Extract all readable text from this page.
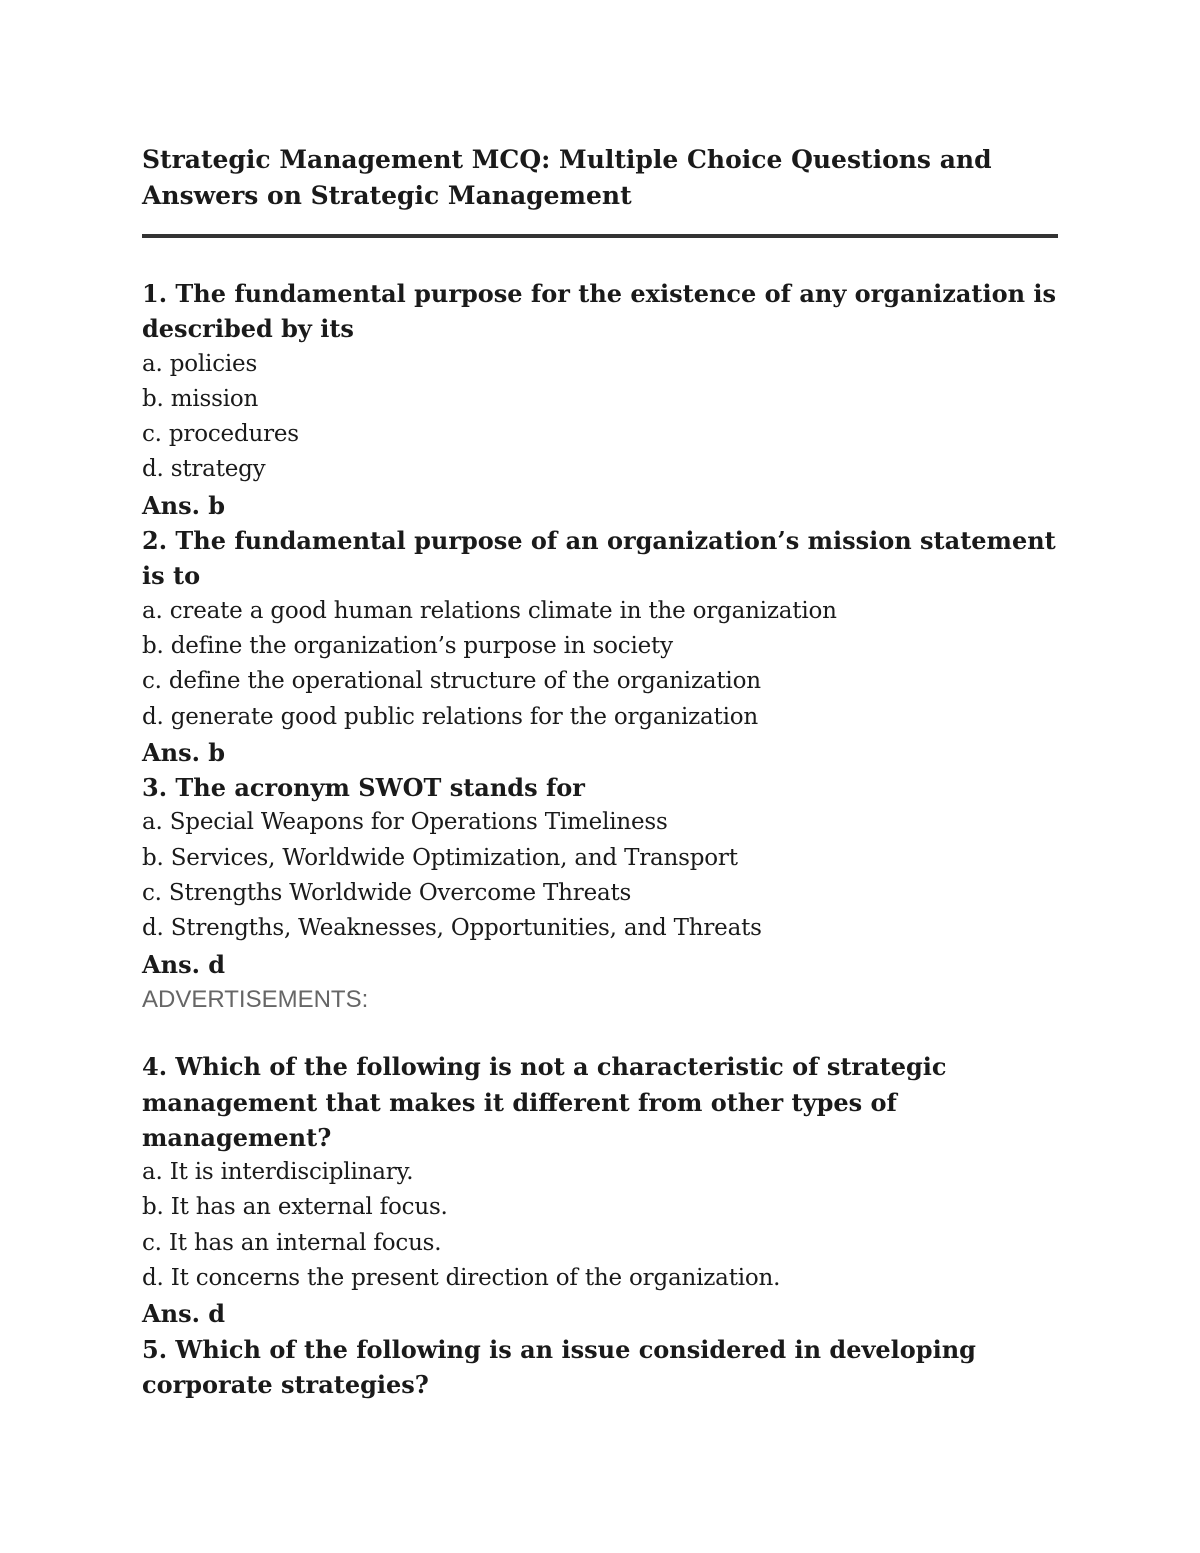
Strategic Management MCQ: Multiple Choice Questions and Answers on Strategic Management

1. The fundamental purpose for the existence of any organization is described by its

a. policies

b. mission

c. procedures

d. strategy

Ans. b

2. The fundamental purpose of an organization’s mission statement is to

a. create a good human relations climate in the organization

b. define the organization’s purpose in society

c. define the operational structure of the organization

d. generate good public relations for the organization

Ans. b

3. The acronym SWOT stands for

a. Special Weapons for Operations Timeliness

b. Services, Worldwide Optimization, and Transport

c. Strengths Worldwide Overcome Threats

d. Strengths, Weaknesses, Opportunities, and Threats

Ans. d

ADVERTISEMENTS:

4. Which of the following is not a characteristic of strategic management that makes it different from other types of management?

a. It is interdisciplinary.

b. It has an external focus.

c. It has an internal focus.

d. It concerns the present direction of the organization.

Ans. d

5. Which of the following is an issue considered in developing corporate strategies?
